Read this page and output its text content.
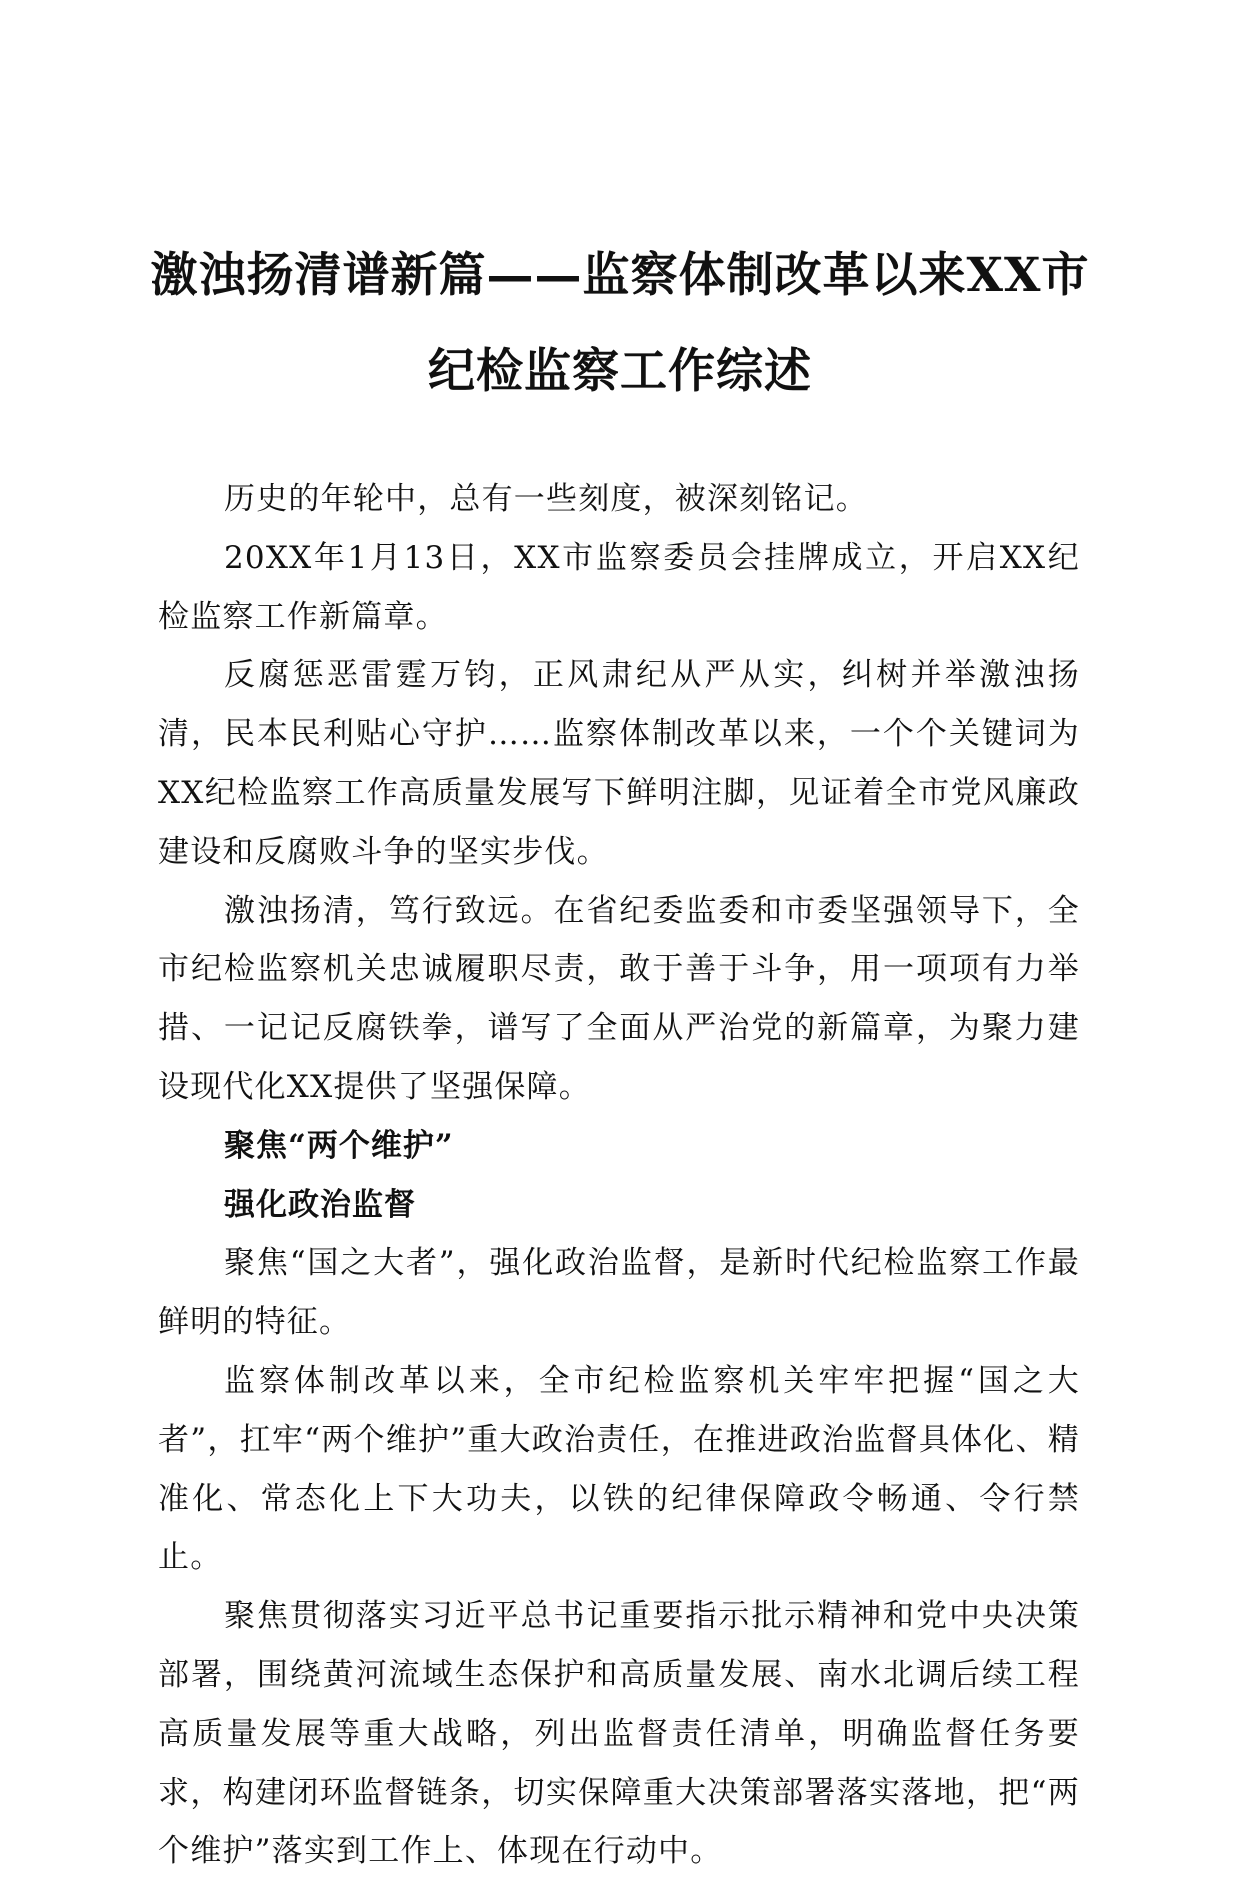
激浊扬清谱新篇——监察体制改革以来XX市
纪检监察工作综述

历史的年轮中，总有一些刻度，被深刻铭记。

20XX年1月13日，XX市监察委员会挂牌成立，开启XX纪检监察工作新篇章。

反腐惩恶雷霆万钧，正风肃纪从严从实，纠树并举激浊扬清，民本民利贴心守护……监察体制改革以来，一个个关键词为XX纪检监察工作高质量发展写下鲜明注脚，见证着全市党风廉政建设和反腐败斗争的坚实步伐。

激浊扬清，笃行致远。在省纪委监委和市委坚强领导下，全市纪检监察机关忠诚履职尽责，敢于善于斗争，用一项项有力举措、一记记反腐铁拳，谱写了全面从严治党的新篇章，为聚力建设现代化XX提供了坚强保障。

聚焦“两个维护”

强化政治监督

聚焦“国之大者”，强化政治监督，是新时代纪检监察工作最鲜明的特征。

监察体制改革以来，全市纪检监察机关牢牢把握“国之大者”，扛牢“两个维护”重大政治责任，在推进政治监督具体化、精准化、常态化上下大功夫，以铁的纪律保障政令畅通、令行禁止。

聚焦贯彻落实习近平总书记重要指示批示精神和党中央决策部署，围绕黄河流域生态保护和高质量发展、南水北调后续工程高质量发展等重大战略，列出监督责任清单，明确监督任务要求，构建闭环监督链条，切实保障重大决策部署落实落地，把“两个维护”落实到工作上、体现在行动中。
